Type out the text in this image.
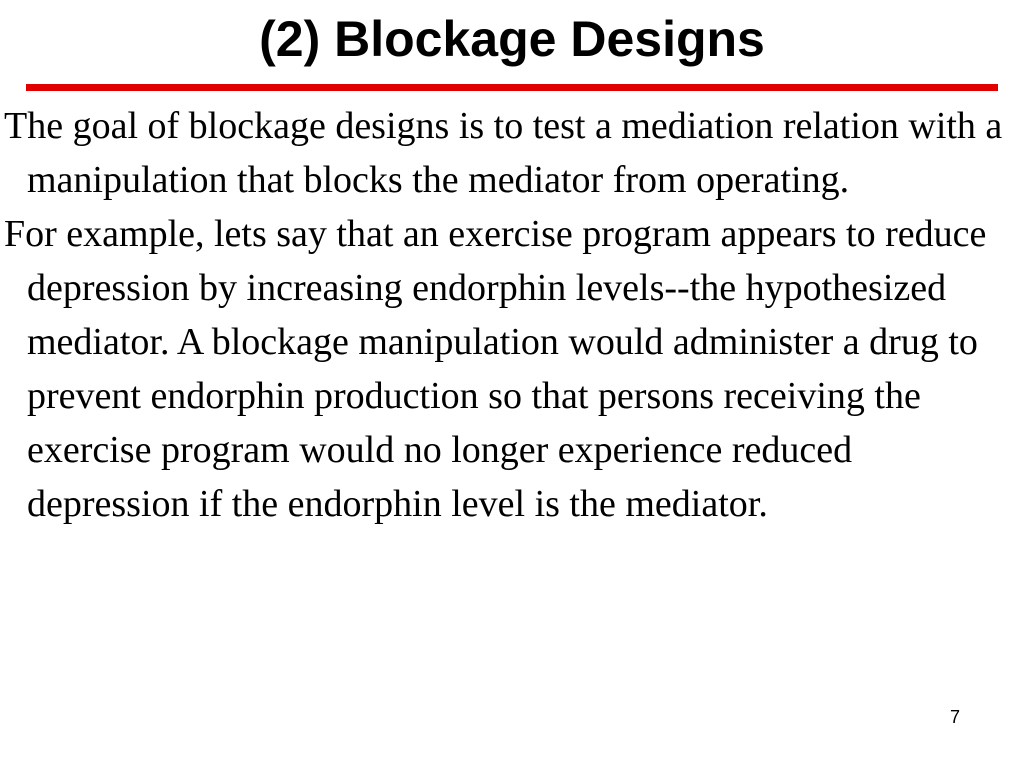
(2) Blockage Designs

The goal of blockage designs is to test a mediation relation with a manipulation that blocks the mediator from operating.

For example, lets say that an exercise program appears to reduce depression by increasing endorphin levels--the hypothesized mediator. A blockage manipulation would administer a drug to prevent endorphin production so that persons receiving the exercise program would no longer experience reduced depression if the endorphin level is the mediator.

7
